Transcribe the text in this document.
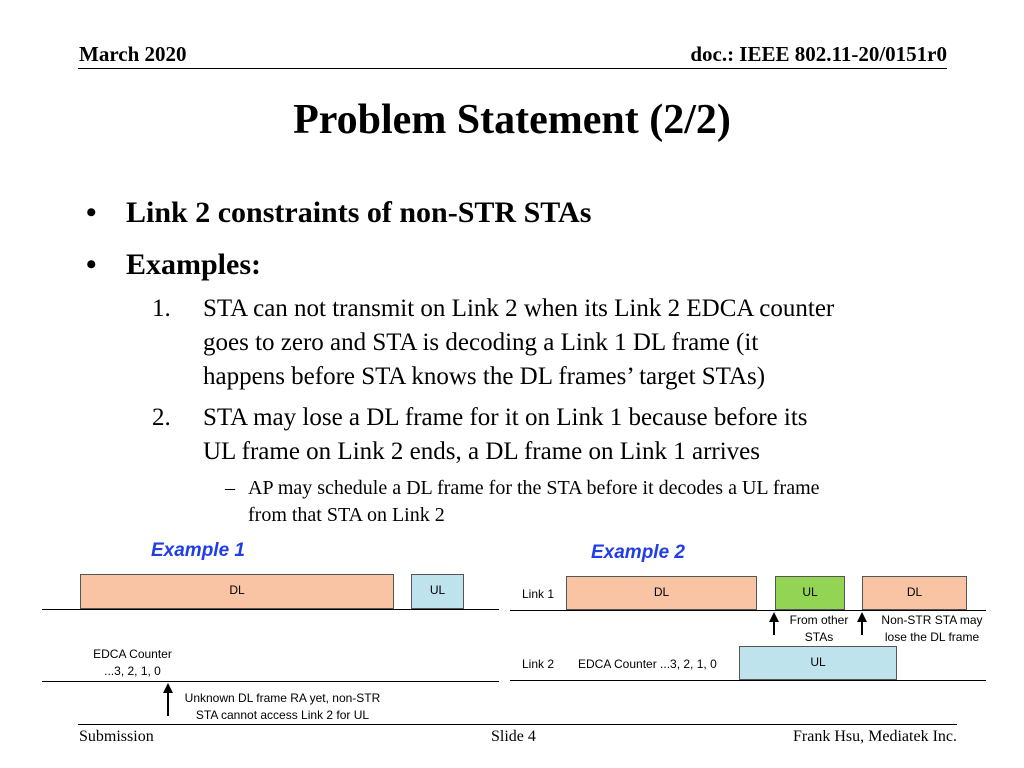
March 2020	doc.: IEEE 802.11-20/0151r0
Problem Statement (2/2)
• Link 2 constraints of non-STR STAs
• Examples:
1. STA can not transmit on Link 2 when its Link 2 EDCA counter
goes to zero and STA is decoding a Link 1 DL frame (it
happens before STA knows the DL frames’ target STAs)
2. STA may lose a DL frame for it on Link 1 because before its
UL frame on Link 2 ends, a DL frame on Link 1 arrives
– AP may schedule a DL frame for the STA before it decodes a UL frame
from that STA on Link 2
Example 1
DL	UL
EDCA Counter
...3, 2, 1, 0
Unknown DL frame RA yet, non-STR
STA cannot access Link 2 for UL
Example 2
Link 1	DL	UL	DL
From other
STAs
Non-STR STA may
lose the DL frame
Link 2 EDCA Counter ...3, 2, 1, 0	UL
Submission	Slide 4	Frank Hsu, Mediatek Inc.
